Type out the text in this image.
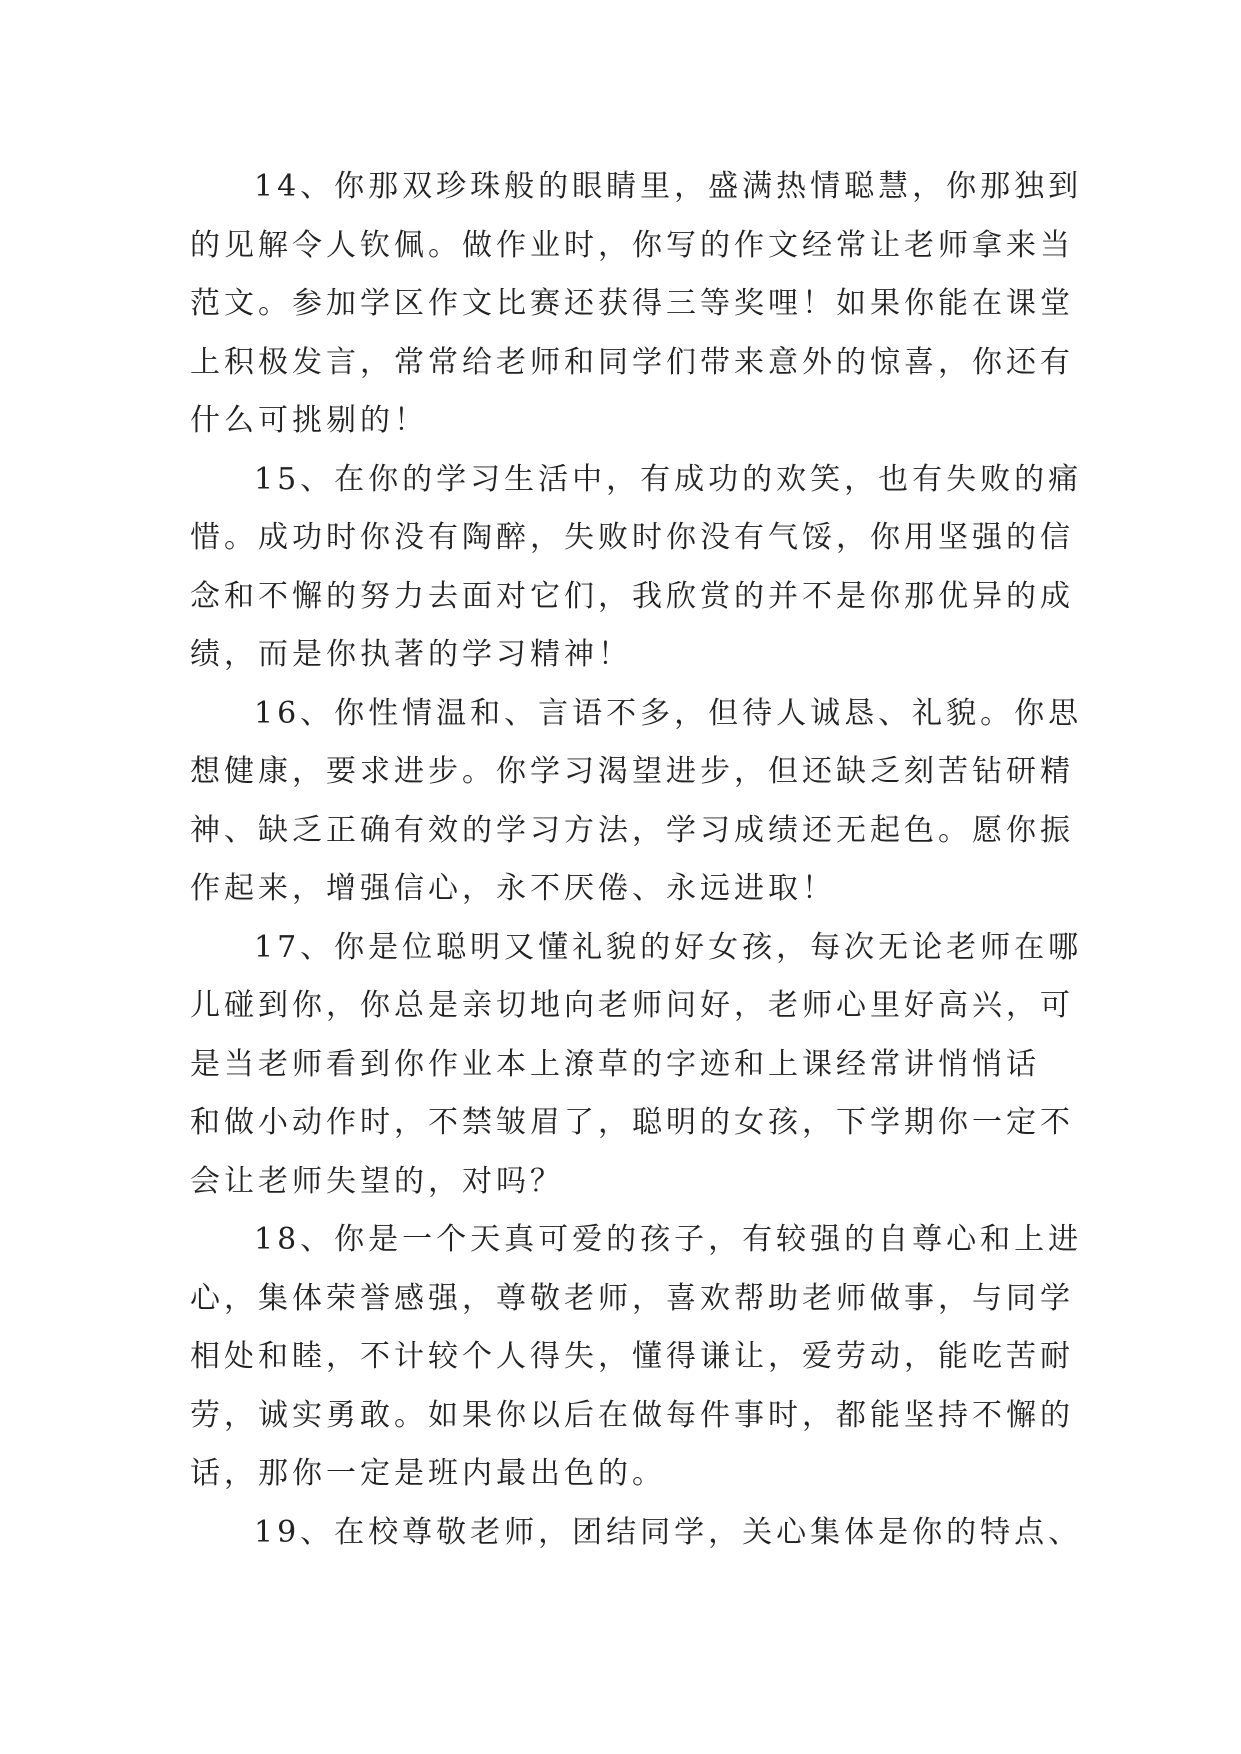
14、你那双珍珠般的眼睛里，盛满热情聪慧，你那独到
的见解令人钦佩。做作业时，你写的作文经常让老师拿来当
范文。参加学区作文比赛还获得三等奖哩！如果你能在课堂
上积极发言，常常给老师和同学们带来意外的惊喜，你还有
什么可挑剔的！
15、在你的学习生活中，有成功的欢笑，也有失败的痛
惜。成功时你没有陶醉，失败时你没有气馁，你用坚强的信
念和不懈的努力去面对它们，我欣赏的并不是你那优异的成
绩，而是你执著的学习精神！
16、你性情温和、言语不多，但待人诚恳、礼貌。你思
想健康，要求进步。你学习渴望进步，但还缺乏刻苦钻研精
神、缺乏正确有效的学习方法，学习成绩还无起色。愿你振
作起来，增强信心，永不厌倦、永远进取！
17、你是位聪明又懂礼貌的好女孩，每次无论老师在哪
儿碰到你，你总是亲切地向老师问好，老师心里好高兴，可
是当老师看到你作业本上潦草的字迹和上课经常讲悄悄话
和做小动作时，不禁皱眉了，聪明的女孩，下学期你一定不
会让老师失望的，对吗？
18、你是一个天真可爱的孩子，有较强的自尊心和上进
心，集体荣誉感强，尊敬老师，喜欢帮助老师做事，与同学
相处和睦，不计较个人得失，懂得谦让，爱劳动，能吃苦耐
劳，诚实勇敢。如果你以后在做每件事时，都能坚持不懈的
话，那你一定是班内最出色的。
19、在校尊敬老师，团结同学，关心集体是你的特点、
